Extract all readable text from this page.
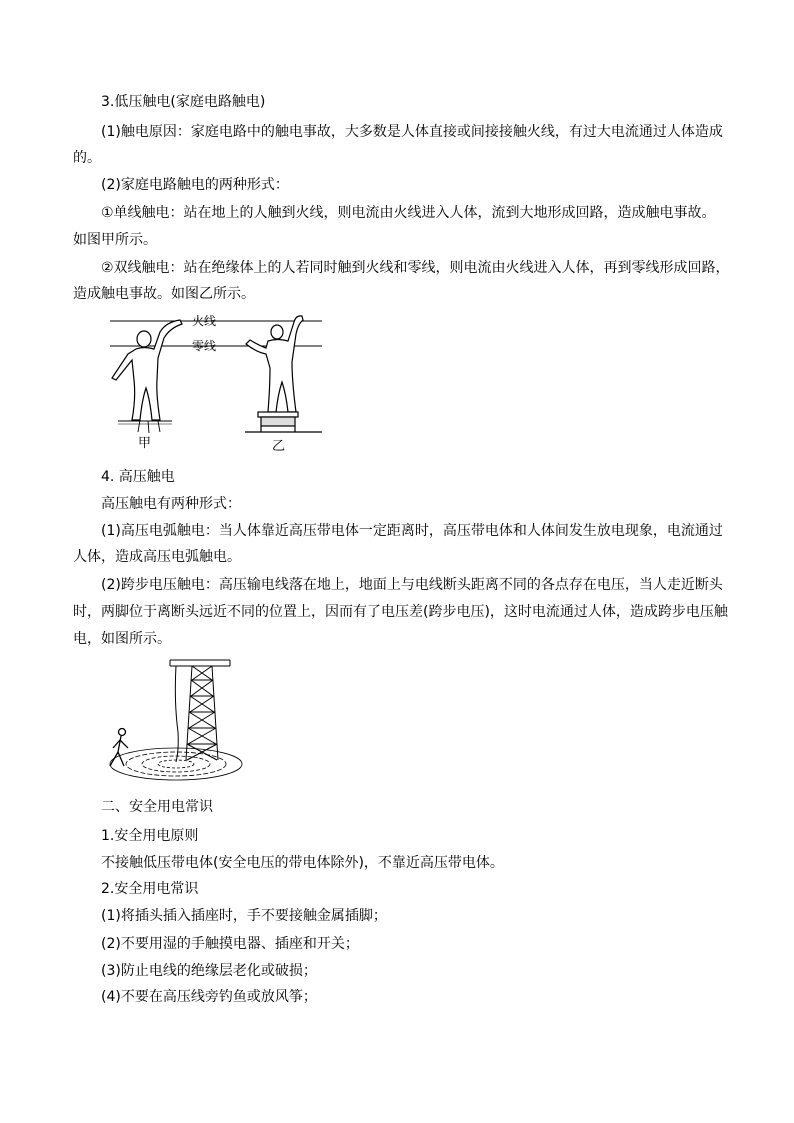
3.低压触电(家庭电路触电)
(1)触电原因：家庭电路中的触电事故，大多数是人体直接或间接接触火线，有过大电流通过人体造成
的。
(2)家庭电路触电的两种形式：
①单线触电：站在地上的人触到火线，则电流由火线进入人体，流到大地形成回路，造成触电事故。
如图甲所示。
②双线触电：站在绝缘体上的人若同时触到火线和零线，则电流由火线进入人体，再到零线形成回路，
造成触电事故。如图乙所示。
火线
零线
甲	乙
4. 高压触电
高压触电有两种形式：
(1)高压电弧触电：当人体靠近高压带电体一定距离时，高压带电体和人体间发生放电现象，电流通过
人体，造成高压电弧触电。
(2)跨步电压触电：高压输电线落在地上，地面上与电线断头距离不同的各点存在电压，当人走近断头
时，两脚位于离断头远近不同的位置上，因而有了电压差(跨步电压)，这时电流通过人体，造成跨步电压触
电，如图所示。
二、安全用电常识
1.安全用电原则
不接触低压带电体(安全电压的带电体除外)，不靠近高压带电体。
2.安全用电常识
(1)将插头插入插座时，手不要接触金属插脚；
(2)不要用湿的手触摸电器、插座和开关；
(3)防止电线的绝缘层老化或破损；
(4)不要在高压线旁钓鱼或放风筝；
